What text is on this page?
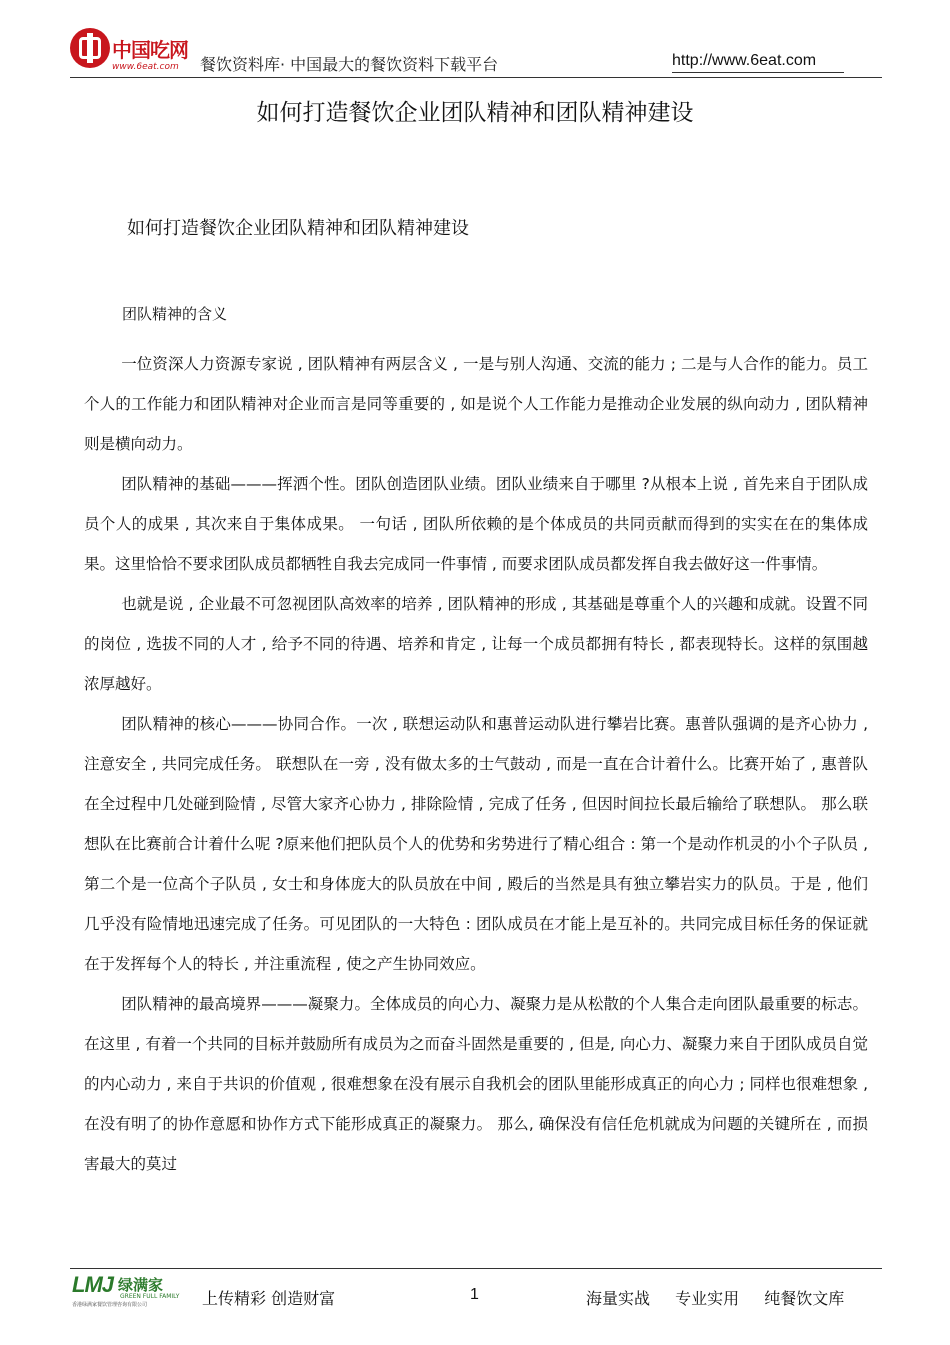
中国吃网
www.6eat.com 餐饮资料库· 中国最大的餐饮资料下载平台	http://www.6eat.com
如何打造餐饮企业团队精神和团队精神建设
如何打造餐饮企业团队精神和团队精神建设
团队精神的含义

一位资深人力资源专家说 , 团队精神有两层含义 , 一是与别人沟通、交流的能力 ; 二是与人合作的能力。员工个人的工作能力和团队精神对企业而言是同等重要的 , 如是说个人工作能力是推动企业发展的纵向动力 , 团队精神则是横向动力。

团队精神的基础———挥洒个性。团队创造团队业绩。团队业绩来自于哪里 ?从根本上说 , 首先来自于团队成员个人的成果 , 其次来自于集体成果。 一句话 , 团队所依赖的是个体成员的共同贡献而得到的实实在在的集体成果。这里恰恰不要求团队成员都牺牲自我去完成同一件事情 , 而要求团队成员都发挥自我去做好这一件事情。

也就是说 , 企业最不可忽视团队高效率的培养 , 团队精神的形成 , 其基础是尊重个人的兴趣和成就。设置不同的岗位 , 选拔不同的人才 , 给予不同的待遇、培养和肯定 , 让每一个成员都拥有特长 , 都表现特长。这样的氛围越浓厚越好。

团队精神的核心———协同合作。一次 , 联想运动队和惠普运动队进行攀岩比赛。惠普队强调的是齐心协力 , 注意安全 , 共同完成任务。 联想队在一旁 , 没有做太多的士气鼓动 , 而是一直在合计着什么。比赛开始了 , 惠普队在全过程中几处碰到险情 , 尽管大家齐心协力 , 排除险情 , 完成了任务 , 但因时间拉长最后输给了联想队。 那么联想队在比赛前合计着什么呢 ?原来他们把队员个人的优势和劣势进行了精心组合 : 第一个是动作机灵的小个子队员 , 第二个是一位高个子队员 , 女士和身体庞大的队员放在中间 , 殿后的当然是具有独立攀岩实力的队员。于是 , 他们几乎没有险情地迅速完成了任务。可见团队的一大特色 : 团队成员在才能上是互补的。共同完成目标任务的保证就在于发挥每个人的特长 , 并注重流程 , 使之产生协同效应。

团队精神的最高境界———凝聚力。全体成员的向心力、凝聚力是从松散的个人集合走向团队最重要的标志。在这里 , 有着一个共同的目标并鼓励所有成员为之而奋斗固然是重要的 , 但是, 向心力、凝聚力来自于团队成员自觉的内心动力 , 来自于共识的价值观 , 很难想象在没有展示自我机会的团队里能形成真正的向心力 ; 同样也很难想象 , 在没有明了的协作意愿和协作方式下能形成真正的凝聚力。 那么, 确保没有信任危机就成为问题的关键所在 , 而损害最大的莫过

LMJ 绿满家
GREEN FULL FAMILY
香港绿满家餐饮管理咨询有限公司	上传精彩 创造财富	1	海量实战 专业实用 纯餐饮文库
